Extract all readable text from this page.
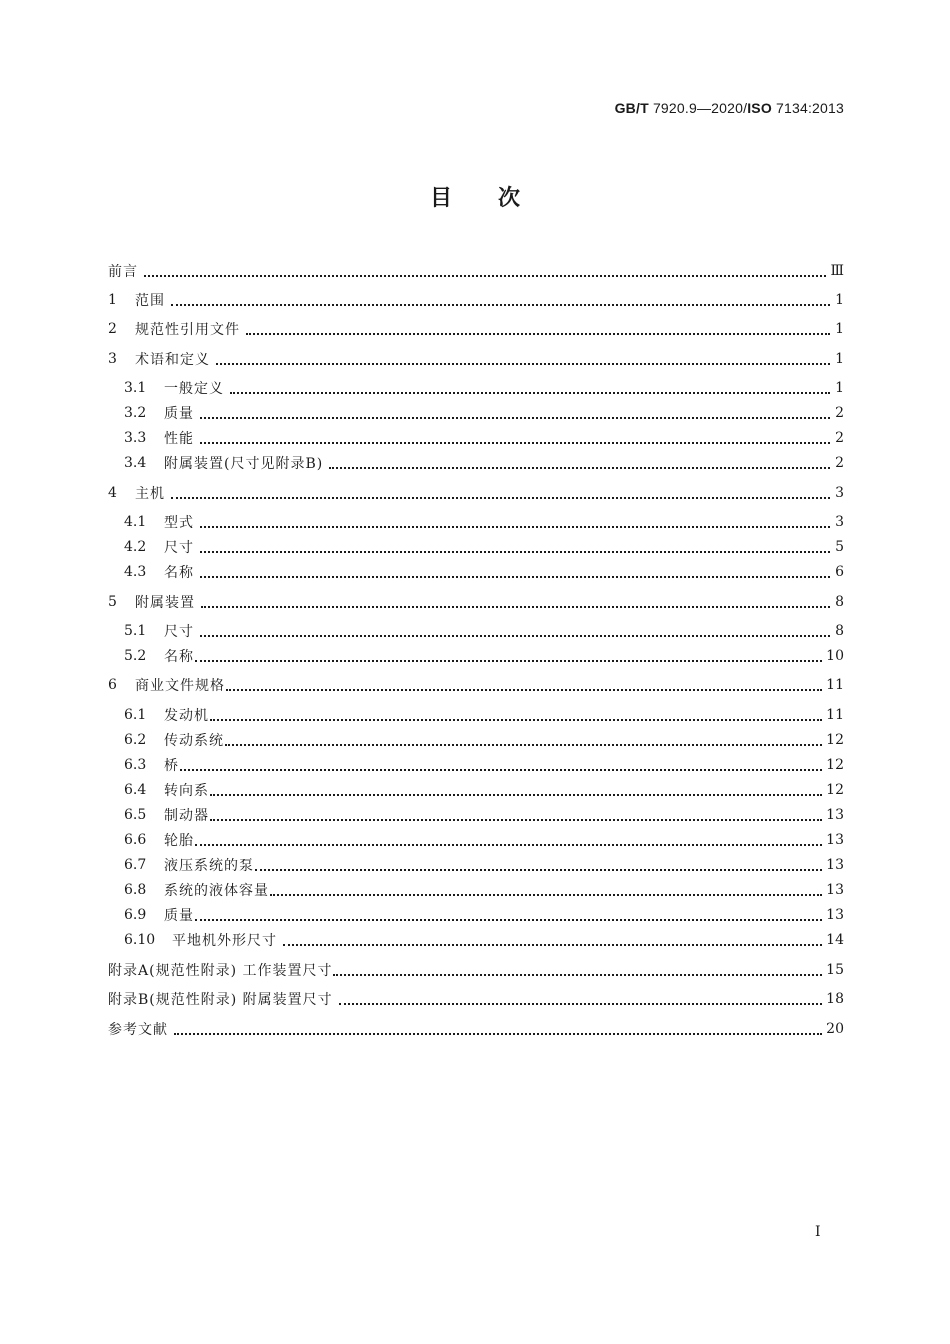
GB/T 7920.9—2020/ISO 7134:2013
目次
前言	Ⅲ
1	范围	1
2	规范性引用文件	1
3	术语和定义	1
3.1	一般定义	1
3.2	质量	2
3.3	性能	2
3.4	附属装置(尺寸见附录B)	2
4	主机	3
4.1	型式	3
4.2	尺寸	5
4.3	名称	6
5	附属装置	8
5.1	尺寸	8
5.2	名称	10
6	商业文件规格	11
6.1	发动机	11
6.2	传动系统	12
6.3	桥	12
6.4	转向系	12
6.5	制动器	13
6.6	轮胎	13
6.7	液压系统的泵	13
6.8	系统的液体容量	13
6.9	质量	13
6.10	平地机外形尺寸	14
附录A(规范性附录) 工作装置尺寸	15
附录B(规范性附录) 附属装置尺寸	18
参考文献	20
I
